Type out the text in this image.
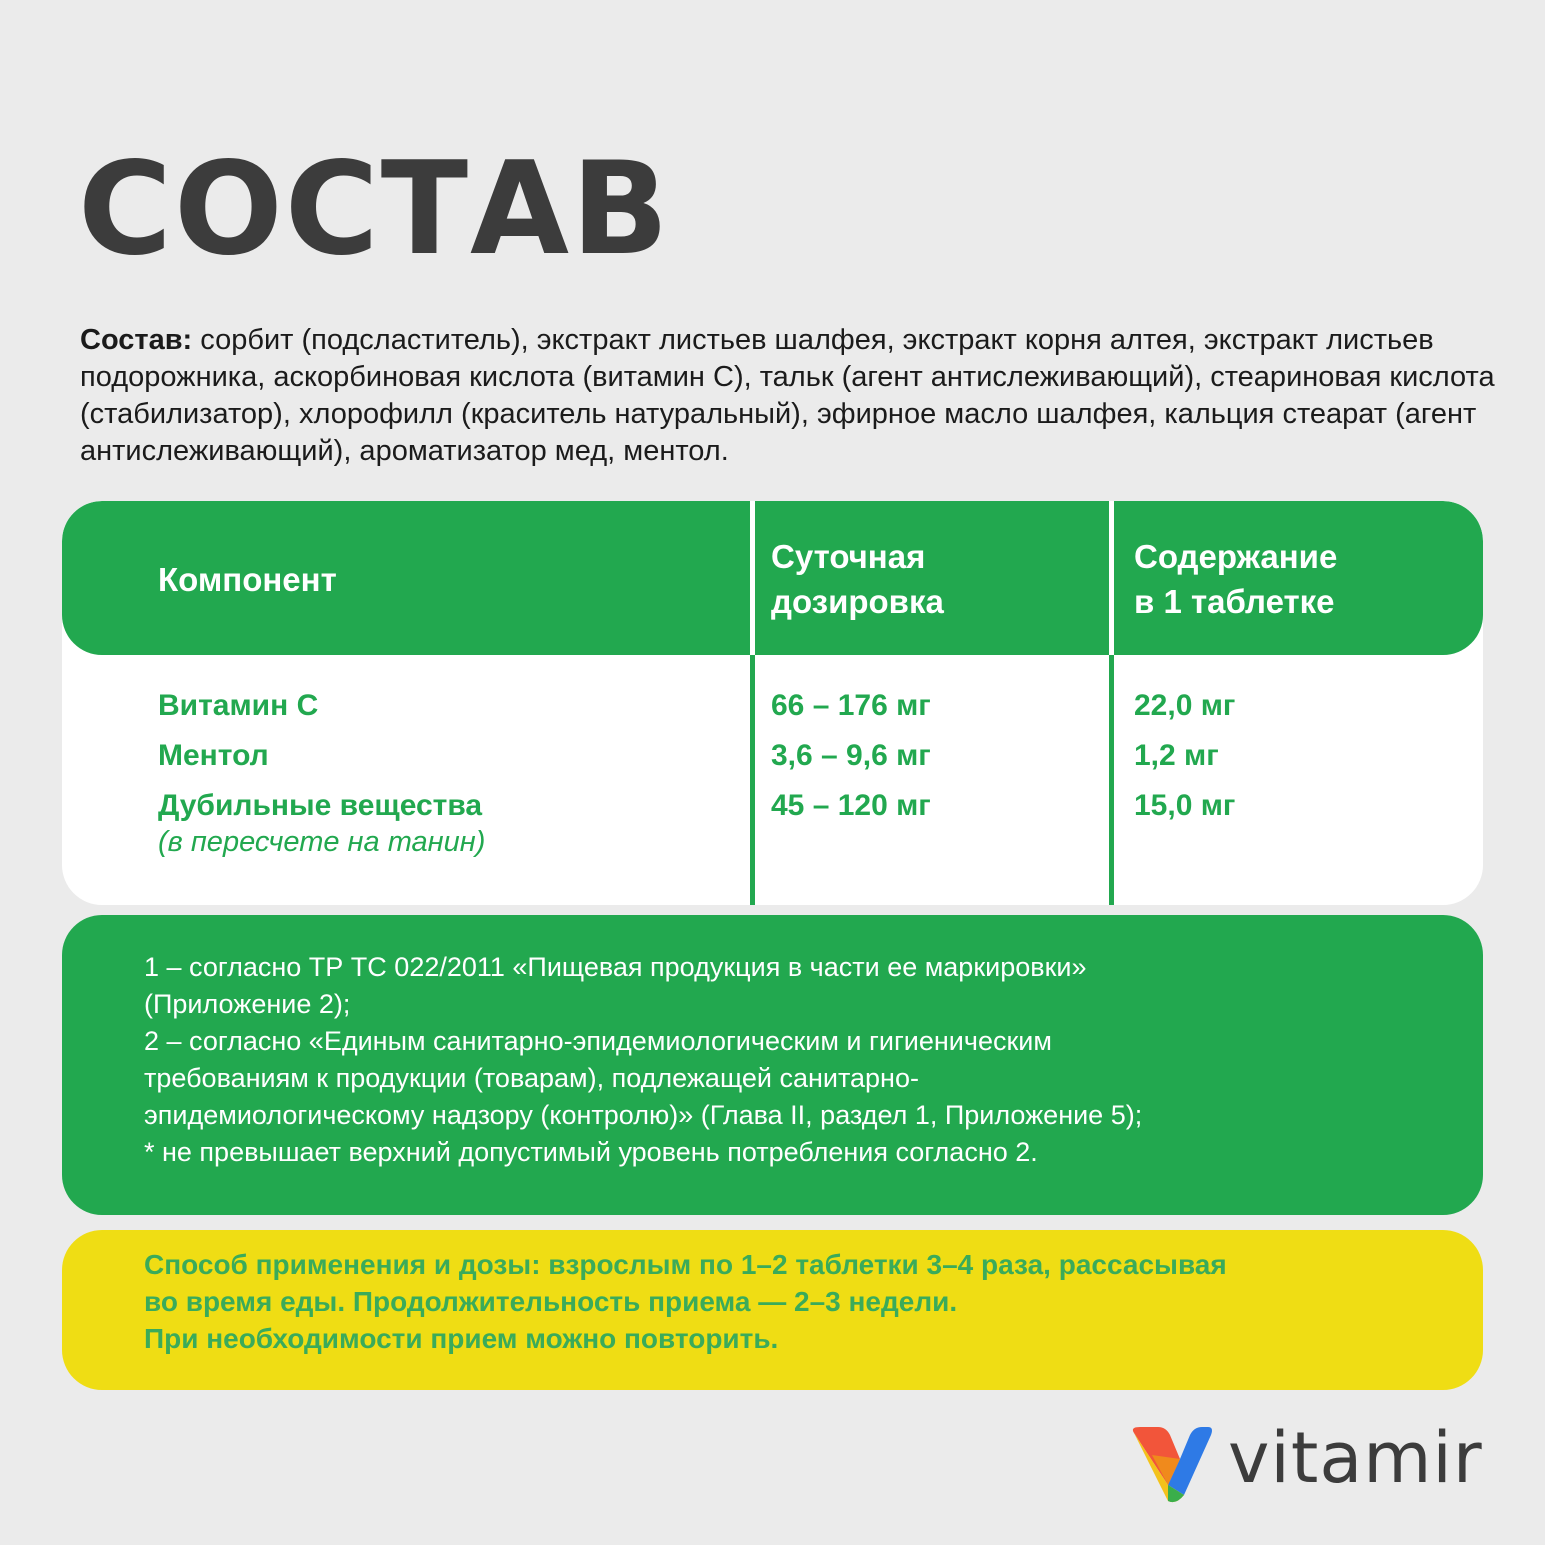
СОСТАВ
Состав: сорбит (подсластитель), экстракт листьев шалфея, экстракт корня алтея, экстракт листьев подорожника, аскорбиновая кислота (витамин С), тальк (агент антислеживающий), стеариновая кислота (стабилизатор), хлорофилл (краситель натуральный), эфирное масло шалфея, кальция стеарат (агент антислеживающий), ароматизатор мед, ментол.
Компонент
Суточная
дозировка
Содержание
в 1 таблетке
Витамин С
Ментол
Дубильные вещества
(в пересчете на танин)
66 – 176 мг
3,6 – 9,6 мг
45 – 120 мг
22,0 мг
1,2 мг
15,0 мг
1 – согласно ТР ТС 022/2011 «Пищевая продукция в части ее маркировки»
(Приложение 2);
2 – согласно «Единым санитарно-эпидемиологическим и гигиеническим
требованиям к продукции (товарам), подлежащей санитарно-
эпидемиологическому надзору (контролю)» (Глава II, раздел 1, Приложение 5);
* не превышает верхний допустимый уровень потребления согласно 2.
Способ применения и дозы: взрослым по 1–2 таблетки 3–4 раза, рассасывая
во время еды. Продолжительность приема — 2–3 недели.
При необходимости прием можно повторить.
vitamir
